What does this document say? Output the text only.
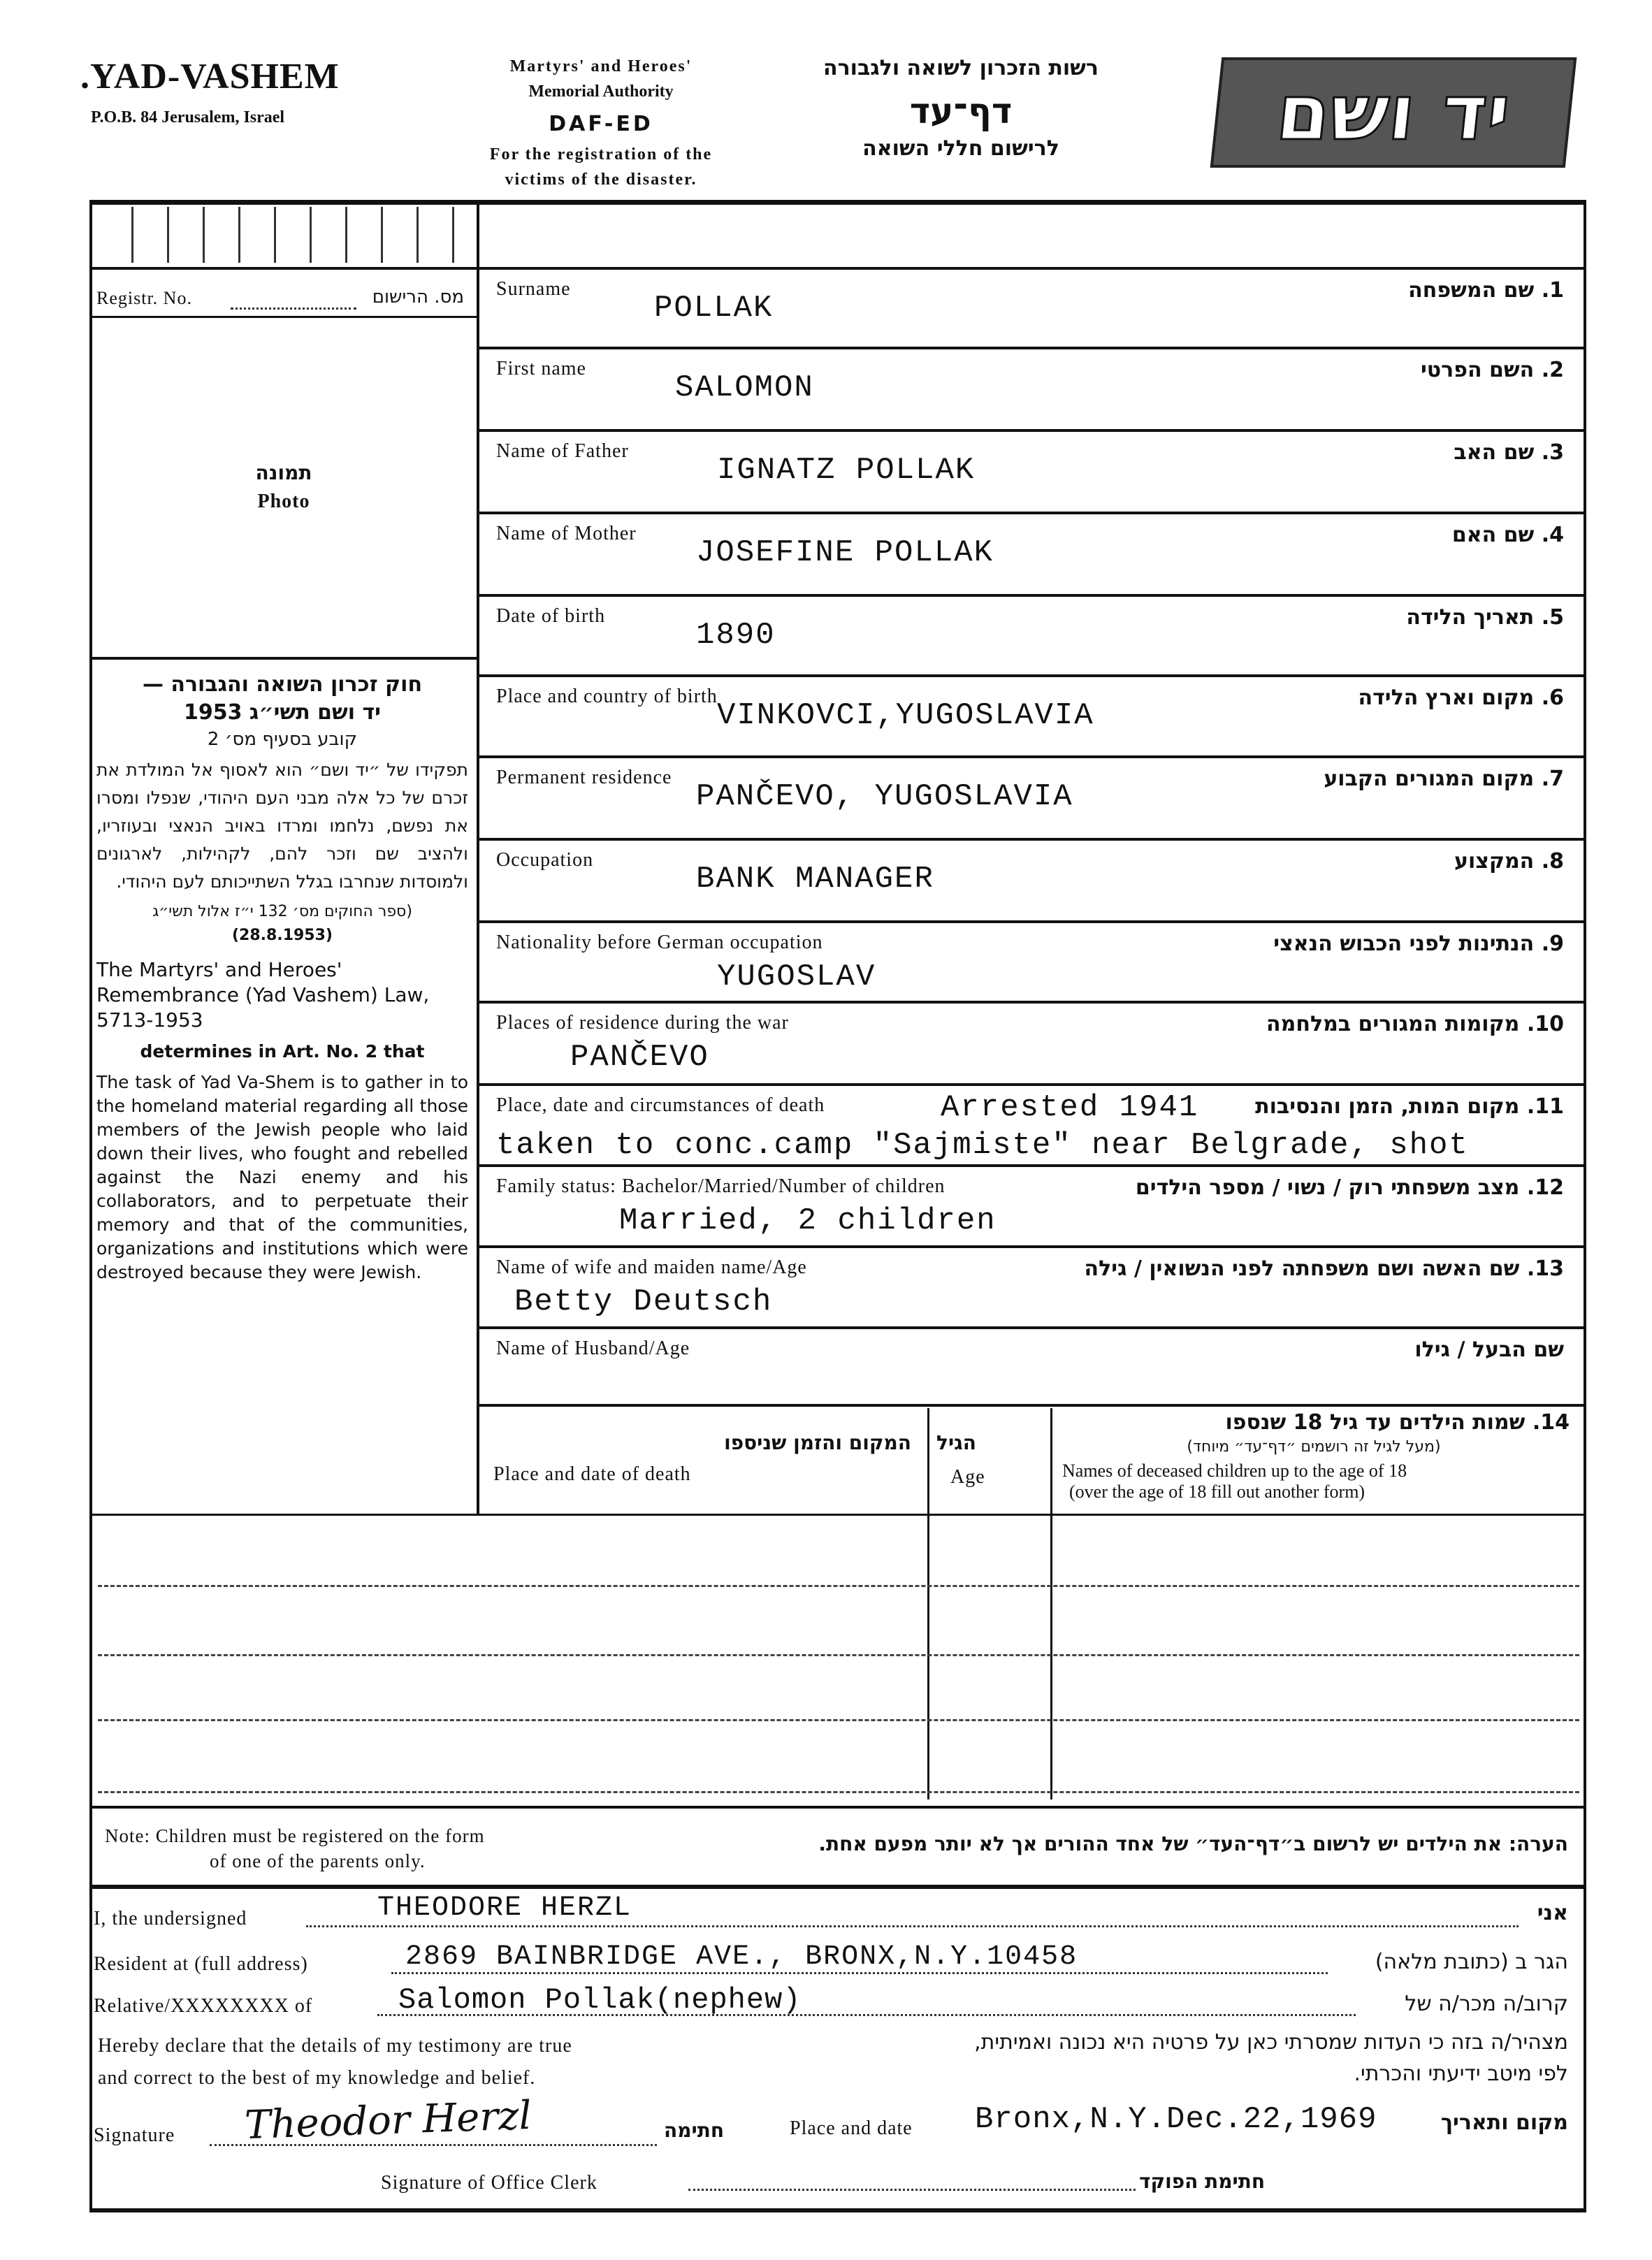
.YAD-VASHEM
P.O.B. 84 Jerusalem, Israel
Martyrs' and Heroes'
Memorial Authority
DAF-ED
For the registration of the
victims of the disaster.
רשות הזכרון לשואה ולגבורה
דף־עד
לרישום חללי השואה	יד ושם
Registr. No.	מס. הרישום
תמונה
Photo
חוק זכרון השואה והגבורה —
יד ושם תשי״ג 1953
קובע בסעיף מס׳ 2
תפקידו של ״יד ושם״ הוא לאסוף אל המולדת את זכרם של כל אלה מבני העם היהודי, שנפלו ומסרו את נפשם, נלחמו ומרדו באויב הנאצי ובעוזריו, ולהציב שם וזכר להם, לקהילות, לארגונים ולמוסדות שנחרבו בגלל השתייכותם לעם היהודי.
(ספר החוקים מס׳ 132 י״ז אלול תשי״ג
(28.8.1953)
The Martyrs' and Heroes' Remembrance (Yad Vashem) Law, 5713-1953
determines in Art. No. 2 that
The task of Yad Va-Shem is to gather in to the homeland material regarding all those members of the Jewish people who laid down their lives, who fought and rebelled against the Nazi enemy and his collaborators, and to perpetuate their memory and that of the communities, organizations and institutions which were destroyed because they were Jewish.
Surname	1. שם המשפחה
POLLAK
First name	2. השם הפרטי
SALOMON
Name of Father	3. שם האב
IGNATZ POLLAK
Name of Mother	4. שם האם
JOSEFINE POLLAK
Date of birth	5. תאריך הלידה
1890
Place and country of birth	6. מקום וארץ הלידה
VINKOVCI,YUGOSLAVIA
Permanent residence	7. מקום המגורים הקבוע
PANČEVO, YUGOSLAVIA
Occupation	8. המקצוע
BANK MANAGER
Nationality before German occupation	9. הנתינות לפני הכבוש הנאצי
YUGOSLAV
Places of residence during the war	10. מקומות המגורים במלחמה
PANČEVO
Place, date and circumstances of death	11. מקום המות, הזמן והנסיבות
Arrested 1941
taken to conc.camp "Sajmiste" near Belgrade, shot
Family status: Bachelor/Married/Number of children	12. מצב משפחתי רוק / נשוי / מספר הילדים
Married, 2 children
Name of wife and maiden name/Age	13. שם האשה ושם משפחתה לפני הנשואין / גילה
Betty Deutsch
Name of Husband/Age	שם הבעל / גילו
14. שמות הילדים עד גיל 18 שנספו
(מעל לגיל זה רושמים ״דף־עד״ מיוחד)
Names of deceased children up to the age of 18
(over the age of 18 fill out another form)
הגיל
Age
המקום והזמן שניספו
Place and date of death
Note: Children must be registered on the form
of one of the parents only.
הערה: את הילדים יש לרשום ב״דף־העד״ של אחד ההורים אך לא יותר מפעם אחת.
I, the undersigned	THEODORE HERZL	אני
Resident at (full address)	2869 BAINBRIDGE AVE., BRONX,N.Y.10458	הגר ב (כתובת מלאה)
Relative/XXXXXXXX of	Salomon Pollak(nephew)	קרוב/ה מכר/ה של
Hereby declare that the details of my testimony are true
and correct to the best of my knowledge and belief.
מצהיר/ה בזה כי העדות שמסרתי כאן על פרטיה היא נכונה ואמיתית,
לפי מיטב ידיעתי והכרתי.
Signature Theodor Herzl	חתימה	Place and date Bronx,N.Y.Dec.22,1969	מקום ותאריך
Signature of Office Clerk	חתימת הפוקד
